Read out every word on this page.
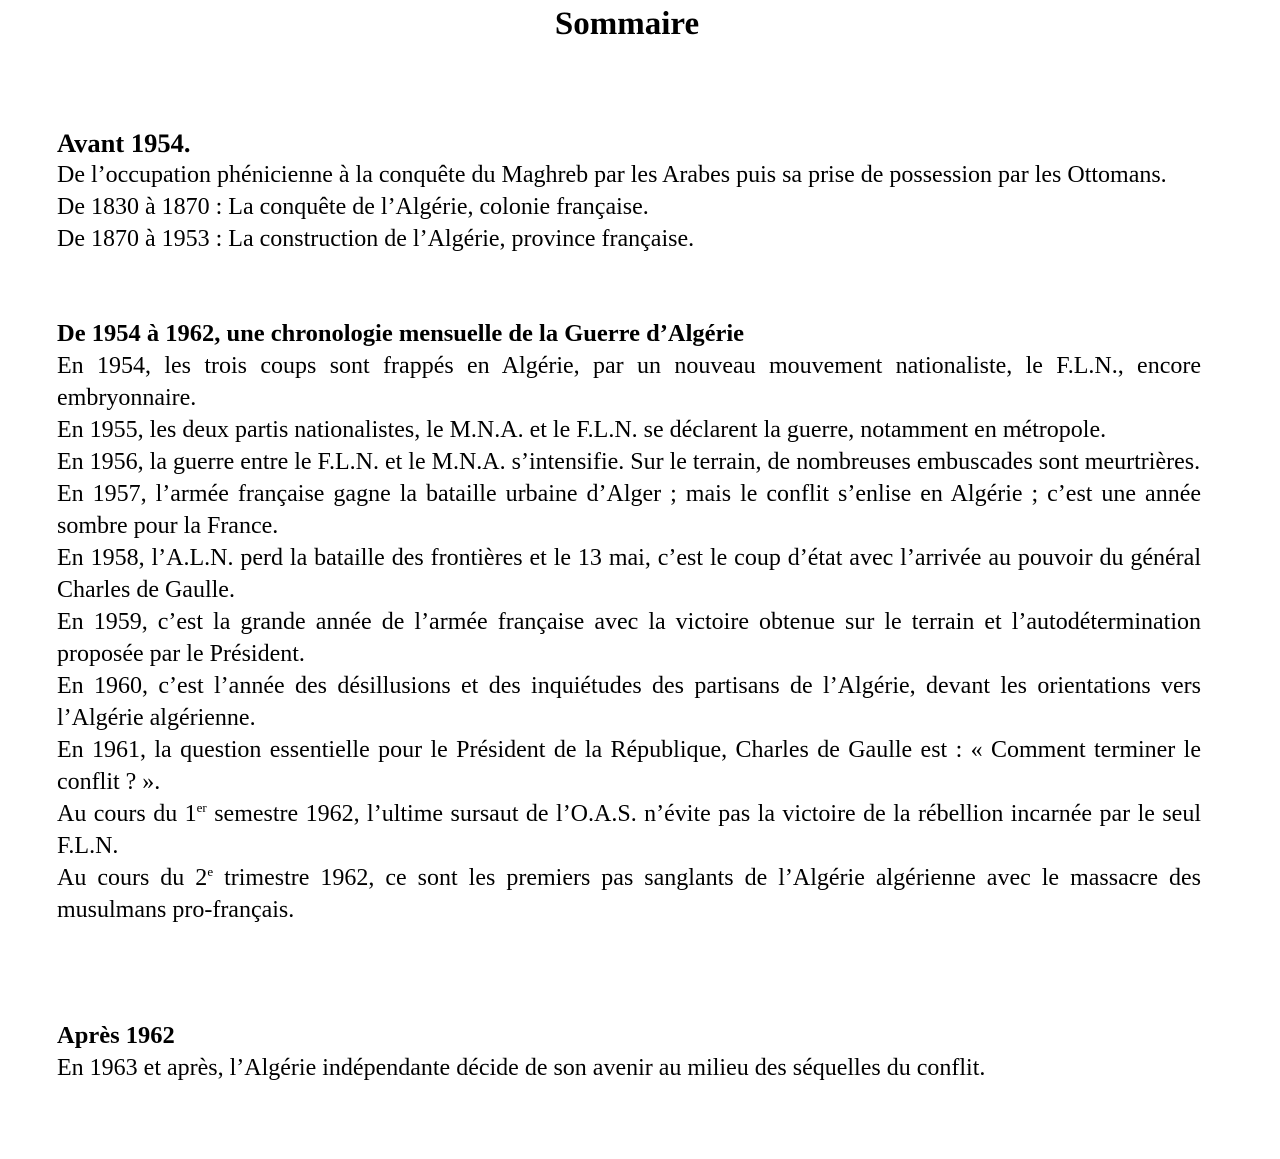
Sommaire
Avant 1954.

De l’occupation phénicienne à la conquête du Maghreb par les Arabes puis sa prise de possession par les Ottomans.

De 1830 à 1870 : La conquête de l’Algérie, colonie française.

De 1870 à 1953 : La construction de l’Algérie, province française.

De 1954 à 1962, une chronologie mensuelle de la Guerre d’Algérie

En 1954, les trois coups sont frappés en Algérie, par un nouveau mouvement nationaliste, le F.L.N., encore embryonnaire.

En 1955, les deux partis nationalistes, le M.N.A. et le F.L.N. se déclarent la guerre, notamment en métropole.

En 1956, la guerre entre le F.L.N. et le M.N.A. s’intensifie. Sur le terrain, de nombreuses embuscades sont meurtrières.

En 1957, l’armée française gagne la bataille urbaine d’Alger ; mais le conflit s’enlise en Algérie ; c’est une année sombre pour la France.

En 1958, l’A.L.N. perd la bataille des frontières et le 13 mai, c’est le coup d’état avec l’arrivée au pouvoir du général Charles de Gaulle.

En 1959, c’est la grande année de l’armée française avec la victoire obtenue sur le terrain et l’autodétermination proposée par le Président.

En 1960, c’est l’année des désillusions et des inquiétudes des partisans de l’Algérie, devant les orientations vers l’Algérie algérienne.

En 1961, la question essentielle pour le Président de la République, Charles de Gaulle est : « Comment terminer le conflit ? ».

Au cours du 1er semestre 1962, l’ultime sursaut de l’O.A.S. n’évite pas la victoire de la rébellion incarnée par le seul F.L.N.

Au cours du 2e trimestre 1962, ce sont les premiers pas sanglants de l’Algérie algérienne avec le massacre des musulmans pro-français.

Après 1962

En 1963 et après, l’Algérie indépendante décide de son avenir au milieu des séquelles du conflit.
